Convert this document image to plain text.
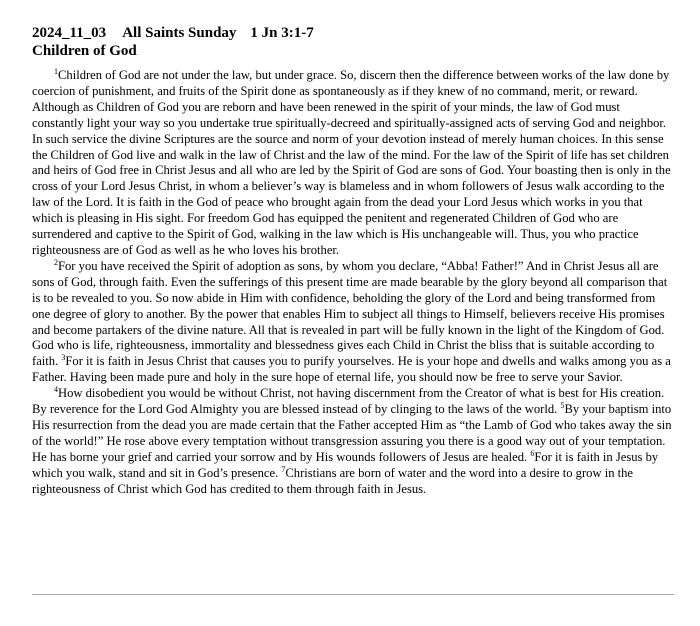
2024_11_03 All Saints Sunday 1 Jn 3:1-7
Children of God

$^1$Children of God are not under the law, but under grace. So, discern then the difference between works of the law done by coercion of punishment, and fruits of the Spirit done as spontaneously as if they knew of no command, merit, or reward. Although as Children of God you are reborn and have been renewed in the spirit of your minds, the law of God must constantly light your way so you undertake true spiritually-decreed and spiritually-assigned acts of serving God and neighbor. In such service the divine Scriptures are the source and norm of your devotion instead of merely human choices. In this sense the Children of God live and walk in the law of Christ and the law of the mind. For the law of the Spirit of life has set children and heirs of God free in Christ Jesus and all who are led by the Spirit of God are sons of God. Your boasting then is only in the cross of your Lord Jesus Christ, in whom a believer’s way is blameless and in whom followers of Jesus walk according to the law of the Lord. It is faith in the God of peace who brought again from the dead your Lord Jesus which works in you that which is pleasing in His sight. For freedom God has equipped the penitent and regenerated Children of God who are surrendered and captive to the Spirit of God, walking in the law which is His unchangeable will. Thus, you who practice righteousness are of God as well as he who loves his brother.

$^2$For you have received the Spirit of adoption as sons, by whom you declare, “Abba! Father!” And in Christ Jesus all are sons of God, through faith. Even the sufferings of this present time are made bearable by the glory beyond all comparison that is to be revealed to you. So now abide in Him with confidence, beholding the glory of the Lord and being transformed from one degree of glory to another. By the power that enables Him to subject all things to Himself, believers receive His promises and become partakers of the divine nature. All that is revealed in part will be fully known in the light of the Kingdom of God. God who is life, righteousness, immortality and blessedness gives each Child in Christ the bliss that is suitable according to faith. $^3$For it is faith in Jesus Christ that causes you to purify yourselves. He is your hope and dwells and walks among you as a Father. Having been made pure and holy in the sure hope of eternal life, you should now be free to serve your Savior.

$^4$How disobedient you would be without Christ, not having discernment from the Creator of what is best for His creation. By reverence for the Lord God Almighty you are blessed instead of by clinging to the laws of the world. $^5$By your baptism into His resurrection from the dead you are made certain that the Father accepted Him as “the Lamb of God who takes away the sin of the world!” He rose above every temptation without transgression assuring you there is a good way out of your temptation. He has borne your grief and carried your sorrow and by His wounds followers of Jesus are healed. $^6$For it is faith in Jesus by which you walk, stand and sit in God’s presence. $^7$Christians are born of water and the word into a desire to grow in the righteousness of Christ which God has credited to them through faith in Jesus.
